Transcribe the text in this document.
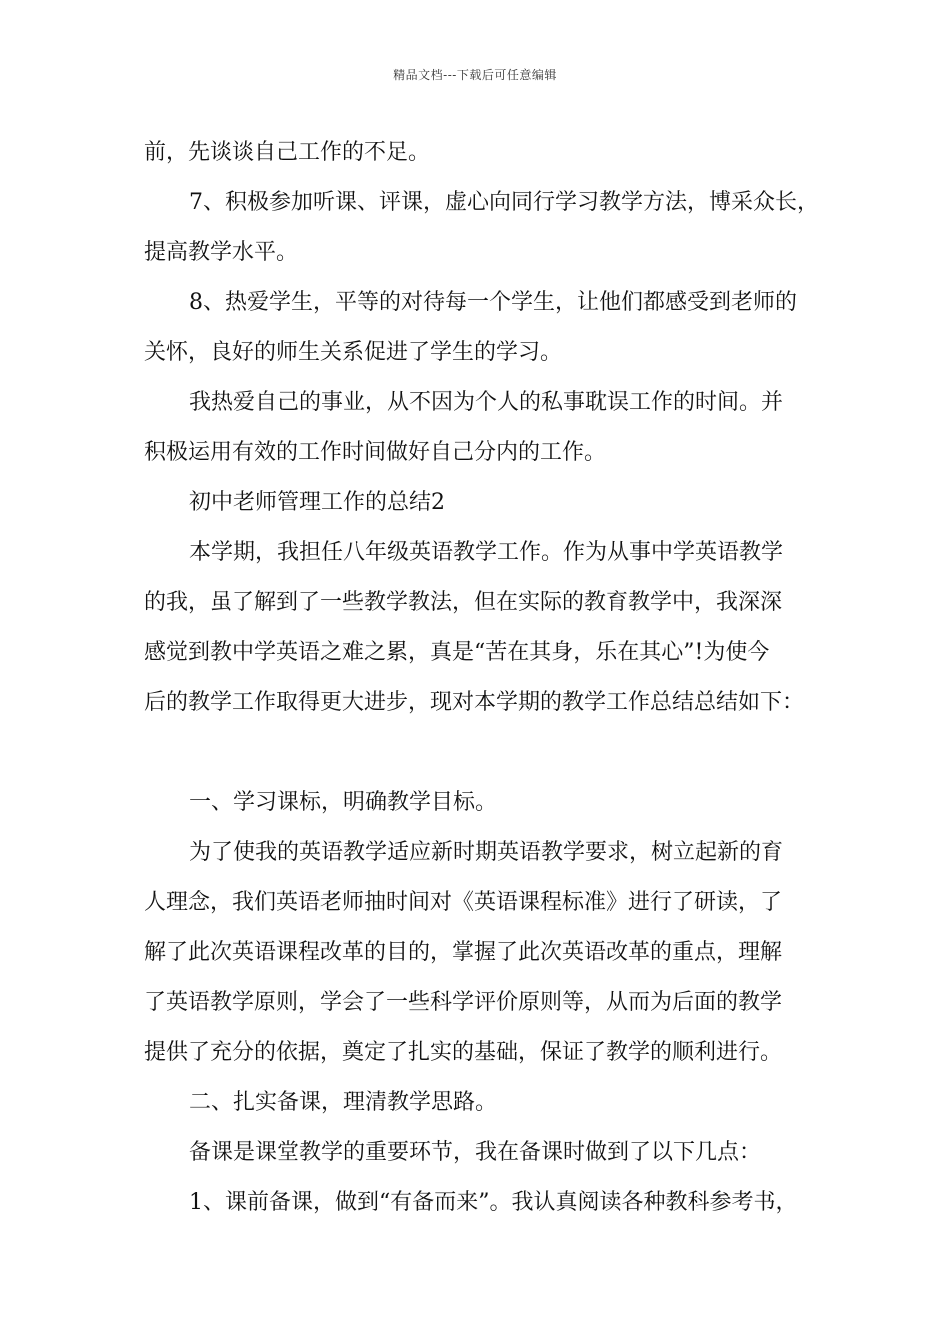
精品文档---下载后可任意编辑

前，先谈谈自己工作的不足。

7、积极参加听课、评课，虚心向同行学习教学方法，博采众长，

提高教学水平。

8、热爱学生，平等的对待每一个学生，让他们都感受到老师的

关怀，良好的师生关系促进了学生的学习。

我热爱自己的事业，从不因为个人的私事耽误工作的时间。并

积极运用有效的工作时间做好自己分内的工作。

初中老师管理工作的总结2

本学期，我担任八年级英语教学工作。作为从事中学英语教学

的我，虽了解到了一些教学教法，但在实际的教育教学中，我深深

感觉到教中学英语之难之累，真是“苦在其身，乐在其心”!为使今

后的教学工作取得更大进步，现对本学期的教学工作总结总结如下：

一、学习课标，明确教学目标。

为了使我的英语教学适应新时期英语教学要求，树立起新的育

人理念，我们英语老师抽时间对《英语课程标准》进行了研读，了

解了此次英语课程改革的目的，掌握了此次英语改革的重点，理解

了英语教学原则，学会了一些科学评价原则等，从而为后面的教学

提供了充分的依据，奠定了扎实的基础，保证了教学的顺利进行。

二、扎实备课，理清教学思路。

备课是课堂教学的重要环节，我在备课时做到了以下几点：

1、课前备课，做到“有备而来”。我认真阅读各种教科参考书，
